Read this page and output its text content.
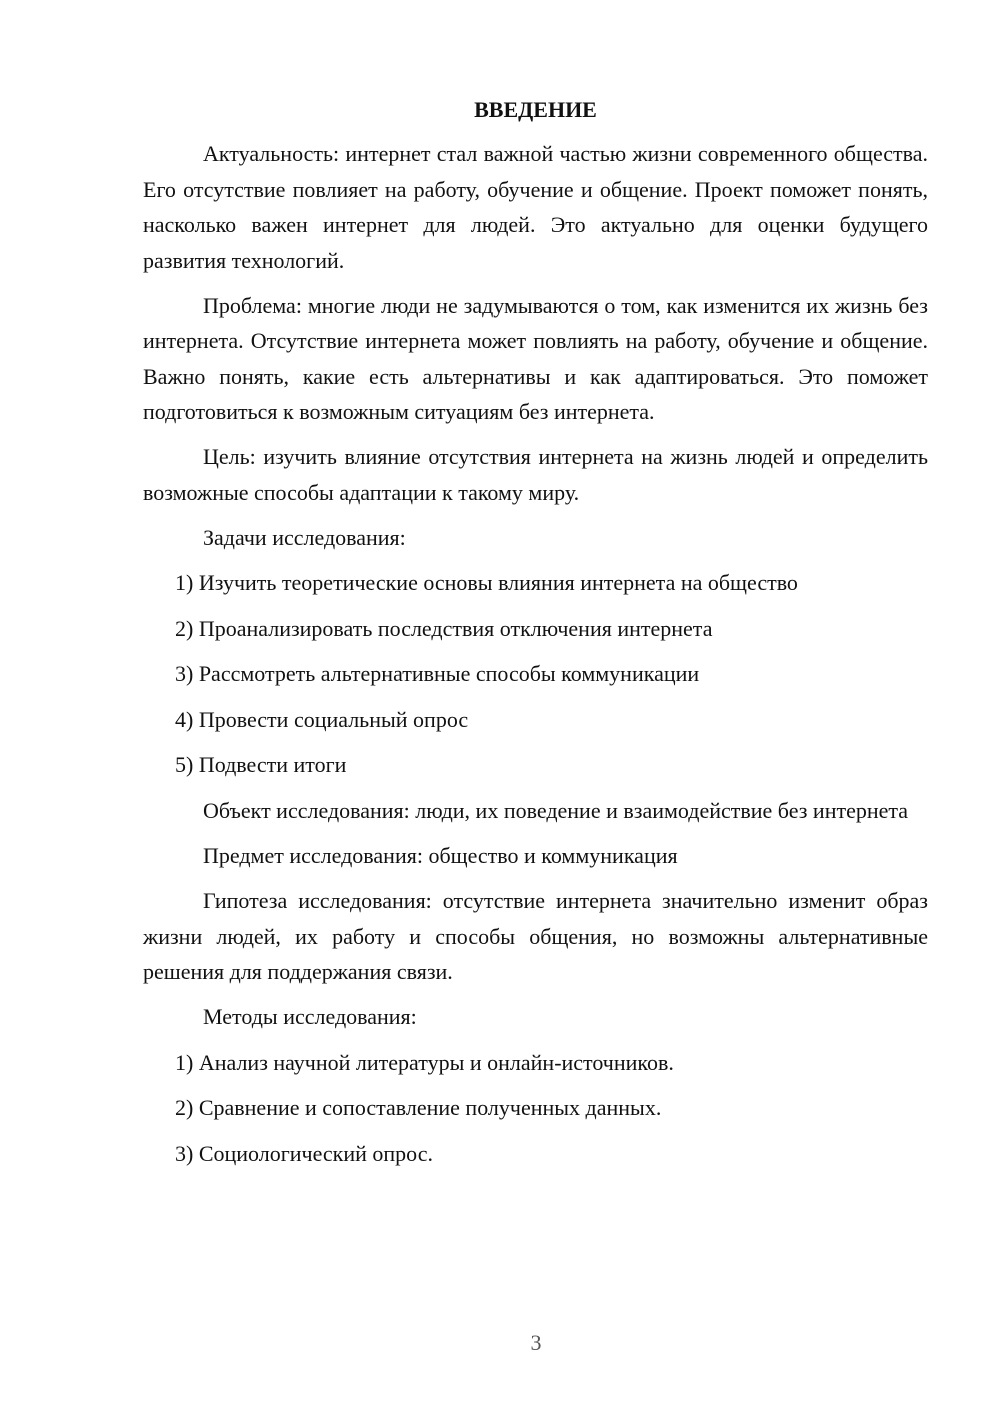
ВВЕДЕНИЕ
Актуальность: интернет стал важной частью жизни современного общества. Его отсутствие повлияет на работу, обучение и общение. Проект поможет понять, насколько важен интернет для людей. Это актуально для оценки будущего развития технологий.
Проблема: многие люди не задумываются о том, как изменится их жизнь без интернета. Отсутствие интернета может повлиять на работу, обучение и общение. Важно понять, какие есть альтернативы и как адаптироваться. Это поможет подготовиться к возможным ситуациям без интернета.
Цель: изучить влияние отсутствия интернета на жизнь людей и определить возможные способы адаптации к такому миру.
Задачи исследования:
1) Изучить теоретические основы влияния интернета на общество
2) Проанализировать последствия отключения интернета
3) Рассмотреть альтернативные способы коммуникации
4) Провести социальный опрос
5) Подвести итоги
Объект исследования: люди, их поведение и взаимодействие без интернета
Предмет исследования: общество и коммуникация
Гипотеза исследования: отсутствие интернета значительно изменит образ жизни людей, их работу и способы общения, но возможны альтернативные решения для поддержания связи.
Методы исследования:
1) Анализ научной литературы и онлайн-источников.
2) Сравнение и сопоставление полученных данных.
3) Социологический опрос.
3
